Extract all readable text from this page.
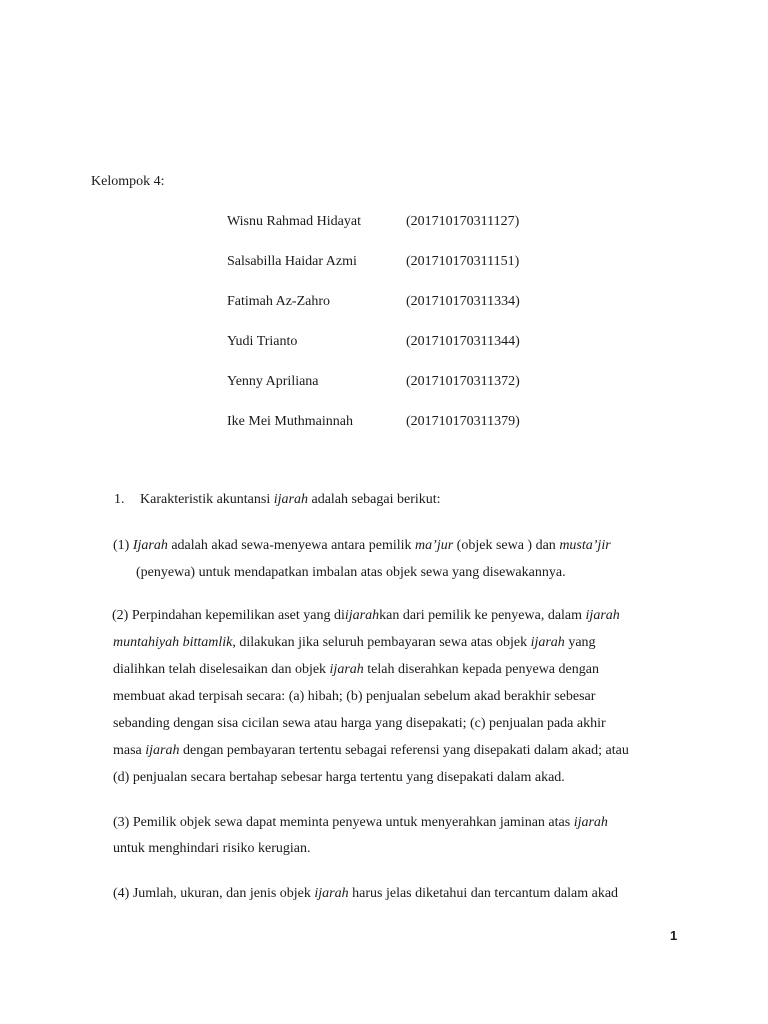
Kelompok 4:
Wisnu Rahmad Hidayat	(201710170311127)
Salsabilla Haidar Azmi	(201710170311151)
Fatimah Az-Zahro	(201710170311334)
Yudi Trianto	(201710170311344)
Yenny Apriliana	(201710170311372)
Ike Mei Muthmainnah	(201710170311379)
1. Karakteristik akuntansi ijarah adalah sebagai berikut:
(1) Ijarah adalah akad sewa-menyewa antara pemilik ma’jur (objek sewa ) dan musta’jir
(penyewa) untuk mendapatkan imbalan atas objek sewa yang disewakannya.
(2) Perpindahan kepemilikan aset yang diijarahkan dari pemilik ke penyewa, dalam ijarah
muntahiyah bittamlik, dilakukan jika seluruh pembayaran sewa atas objek ijarah yang
dialihkan telah diselesaikan dan objek ijarah telah diserahkan kepada penyewa dengan
membuat akad terpisah secara: (a) hibah; (b) penjualan sebelum akad berakhir sebesar
sebanding dengan sisa cicilan sewa atau harga yang disepakati; (c) penjualan pada akhir
masa ijarah dengan pembayaran tertentu sebagai referensi yang disepakati dalam akad; atau
(d) penjualan secara bertahap sebesar harga tertentu yang disepakati dalam akad.
(3) Pemilik objek sewa dapat meminta penyewa untuk menyerahkan jaminan atas ijarah
untuk menghindari risiko kerugian.
(4) Jumlah, ukuran, dan jenis objek ijarah harus jelas diketahui dan tercantum dalam akad
1
